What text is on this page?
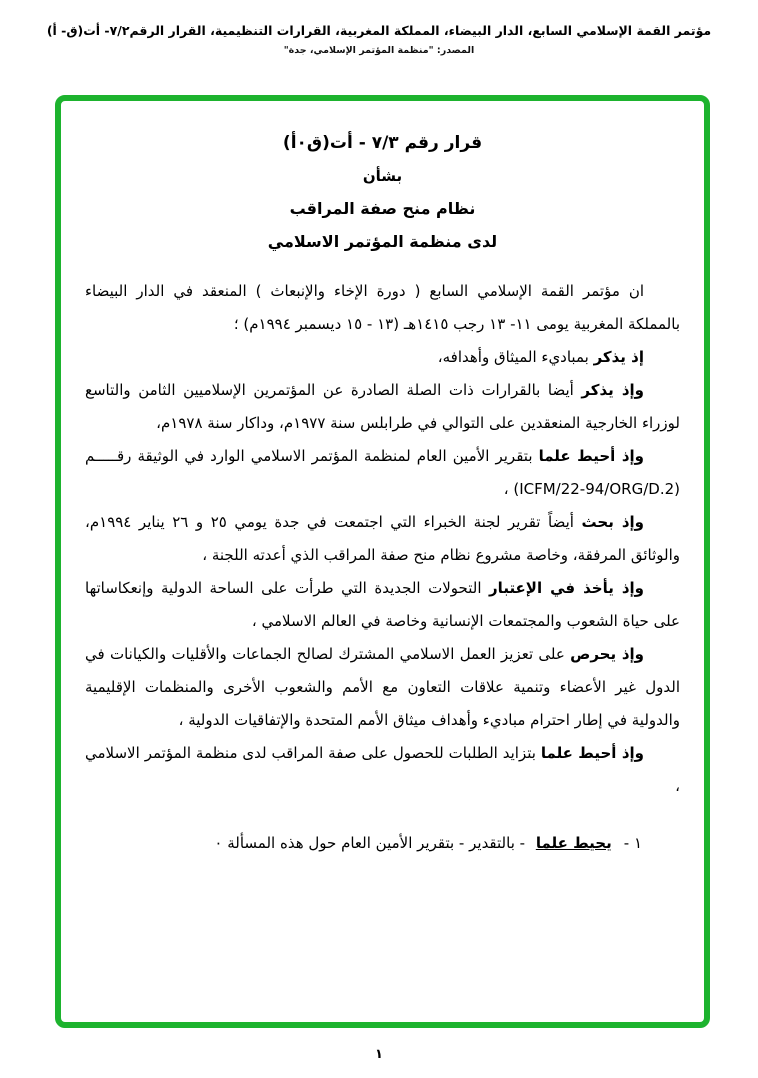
مؤتمر القمة الإسلامي السابع، الدار البيضاء، المملكة المغربية، القرارات التنظيمية، القرار الرقم٧/٢- أت(ق- أ)
المصدر: "منظمة المؤتمر الإسلامي، جدة"
قرار رقم ٧/٣ - أت(ق٠أ)
بشأن
نظام منح صفة المراقب
لدى منظمة المؤتمر الاسلامي

ان مؤتمر القمة الإسلامي السابع ( دورة الإخاء والإنبعاث ) المنعقد في الدار البيضاء بالمملكة المغربية يومى ١١- ١٣ رجب ١٤١٥هـ (١٣ - ١٥ ديسمبر ١٩٩٤م) ؛

إذ يذكر بمباديء الميثاق وأهدافه،

وإذ يذكر أيضا بالقرارات ذات الصلة الصادرة عن المؤتمرين الإسلاميين الثامن والتاسع لوزراء الخارجية المنعقدين على التوالي في طرابلس سنة ١٩٧٧م، وداكار سنة ١٩٧٨م،

وإذ أحيط علما بتقرير الأمين العام لمنظمة المؤتمر الاسلامي الوارد في الوثيقة رقـــــم (ICFM/22-94/ORG/D.2) ،

وإذ بحث أيضاً تقرير لجنة الخبراء التي اجتمعت في جدة يومي ٢٥ و ٢٦ يناير ١٩٩٤م، والوثائق المرفقة، وخاصة مشروع نظام منح صفة المراقب الذي أعدته اللجنة ،

وإذ يأخذ في الإعتبار التحولات الجديدة التي طرأت على الساحة الدولية وإنعكاساتها على حياة الشعوب والمجتمعات الإنسانية وخاصة في العالم الاسلامي ،

وإذ يحرص على تعزيز العمل الاسلامي المشترك لصالح الجماعات والأقليات والكيانات في الدول غير الأعضاء وتنمية علاقات التعاون مع الأمم والشعوب الأخرى والمنظمات الإقليمية والدولية في إطار احترام مباديء وأهداف ميثاق الأمم المتحدة والإتفاقيات الدولية ،

وإذ أحيط علما بتزايد الطلبات للحصول على صفة المراقب لدى منظمة المؤتمر الاسلامي ،

١ -يحيط علما - بالتقدير - بتقرير الأمين العام حول هذه المسألة ٠

١
